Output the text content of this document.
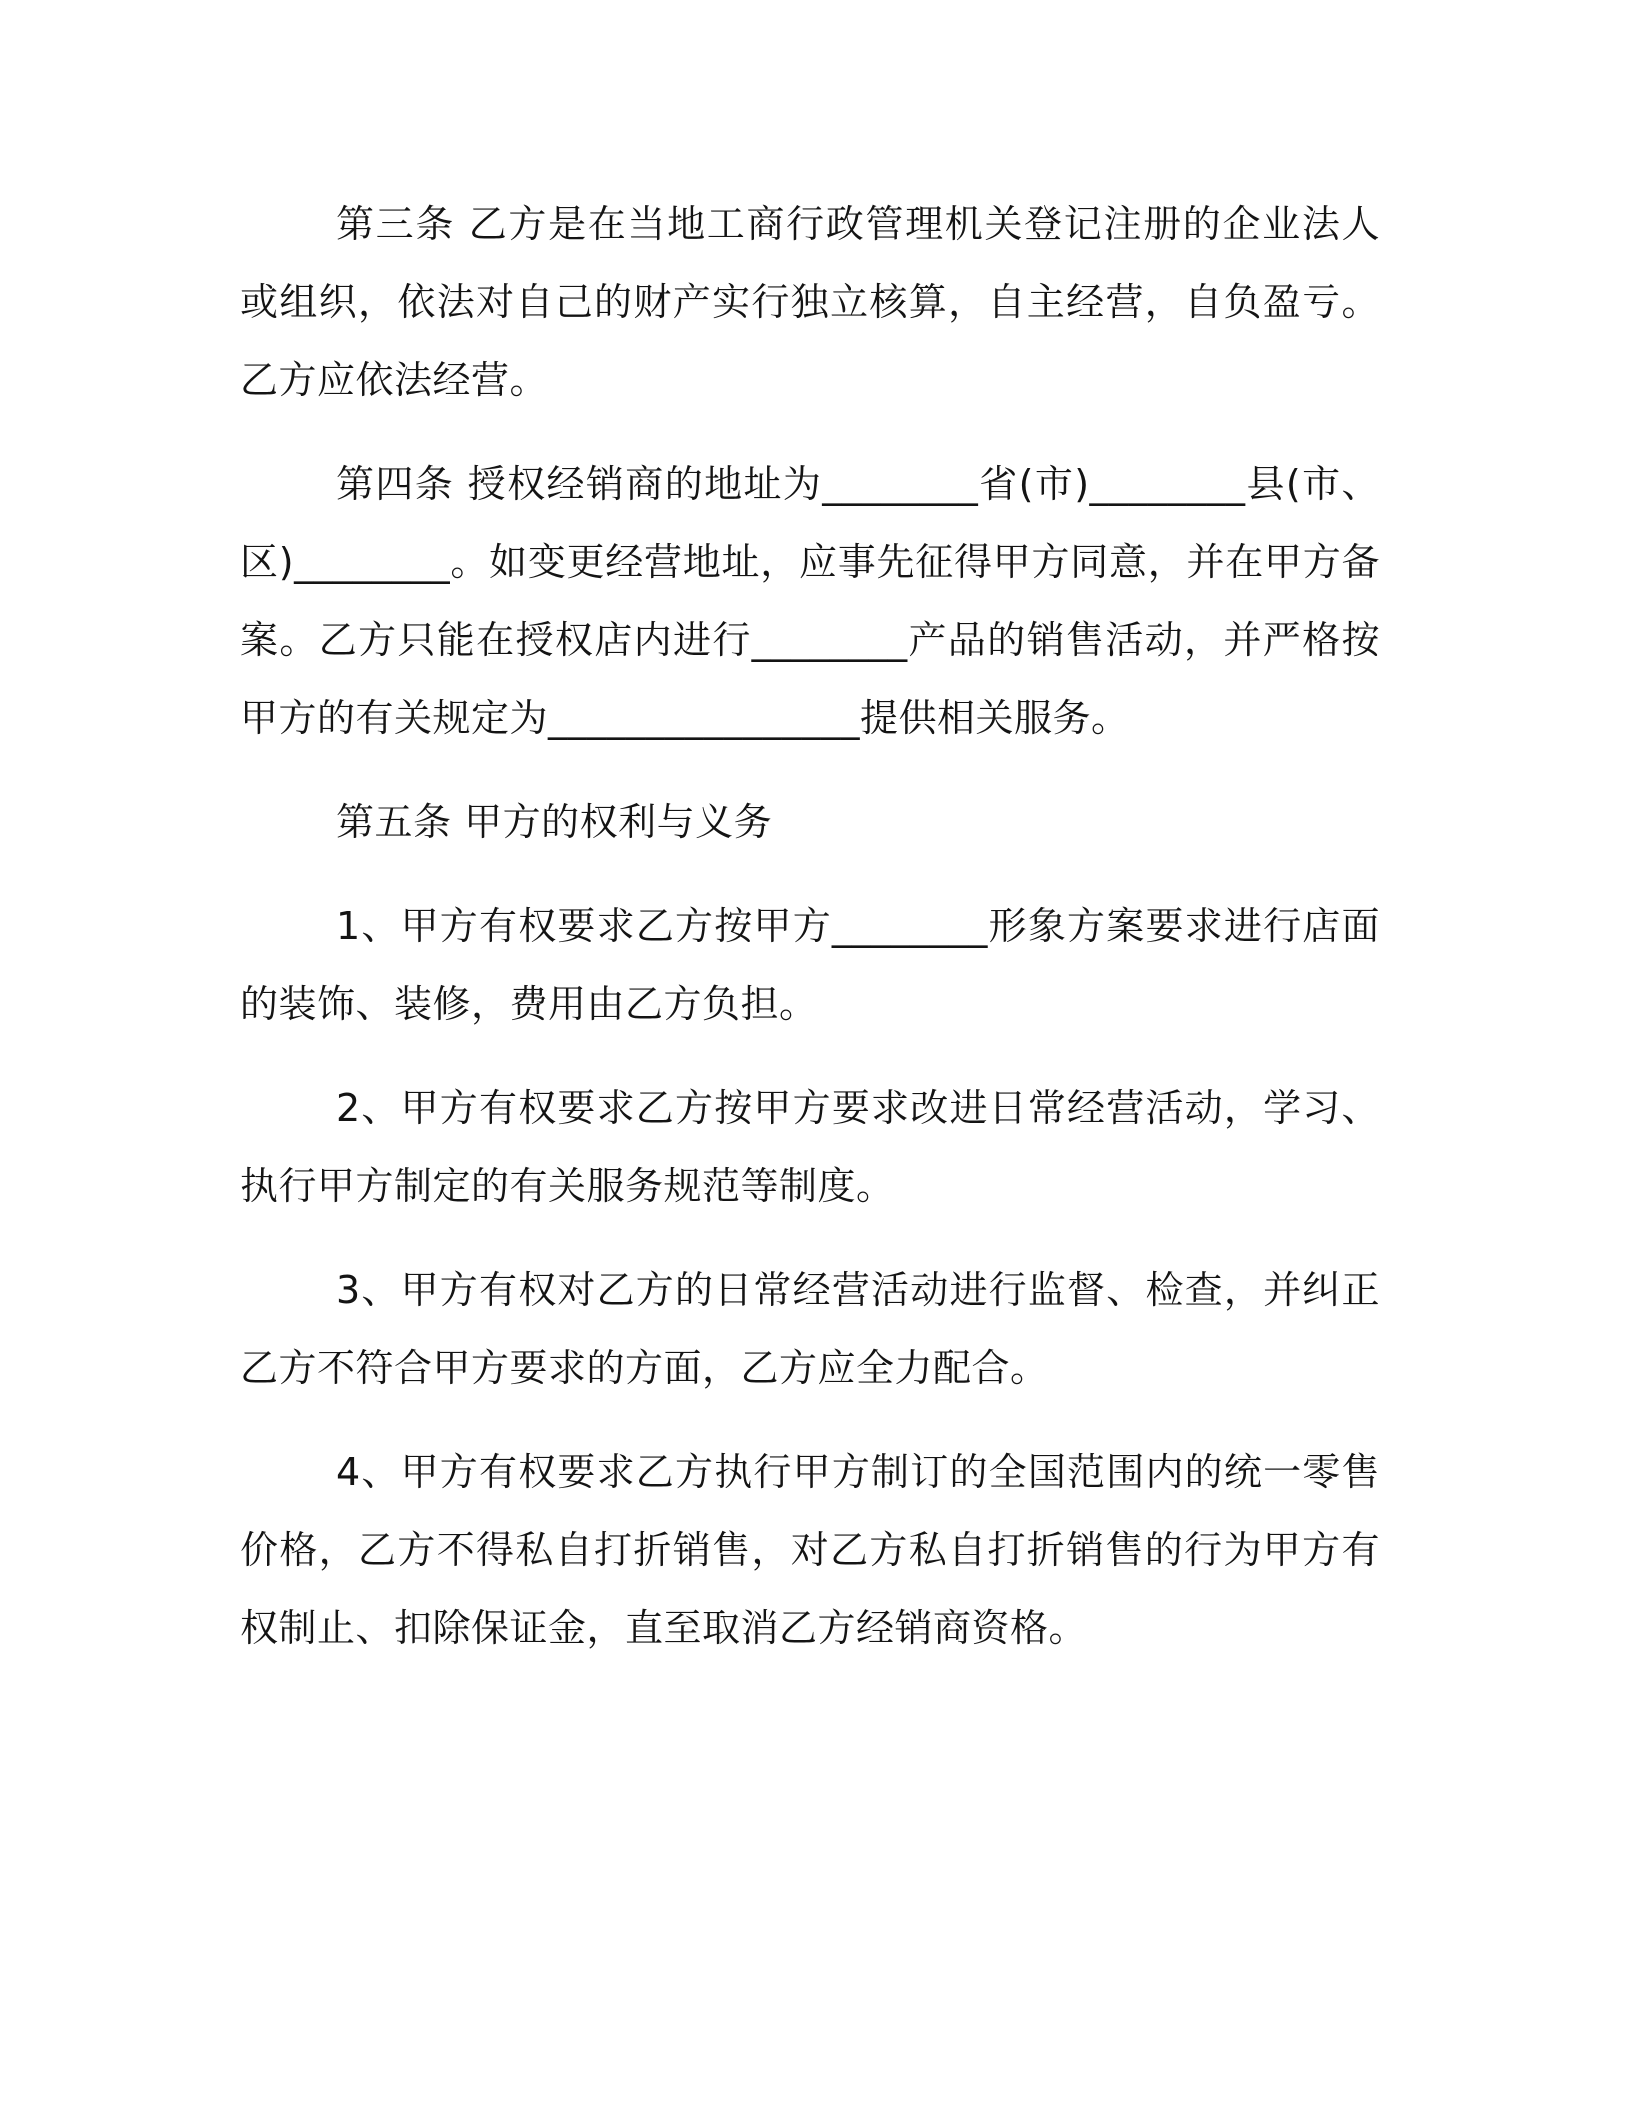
第三条 乙方是在当地工商行政管理机关登记注册的企业法人或组织，依法对自己的财产实行独立核算，自主经营，自负盈亏。乙方应依法经营。

第四条 授权经销商的地址为________省(市)________县(市、区)________。如变更经营地址，应事先征得甲方同意，并在甲方备案。乙方只能在授权店内进行________产品的销售活动，并严格按甲方的有关规定为________________提供相关服务。

第五条 甲方的权利与义务

1、甲方有权要求乙方按甲方________形象方案要求进行店面的装饰、装修，费用由乙方负担。

2、甲方有权要求乙方按甲方要求改进日常经营活动，学习、执行甲方制定的有关服务规范等制度。

3、甲方有权对乙方的日常经营活动进行监督、检查，并纠正乙方不符合甲方要求的方面，乙方应全力配合。

4、甲方有权要求乙方执行甲方制订的全国范围内的统一零售价格，乙方不得私自打折销售，对乙方私自打折销售的行为甲方有权制止、扣除保证金，直至取消乙方经销商资格。
